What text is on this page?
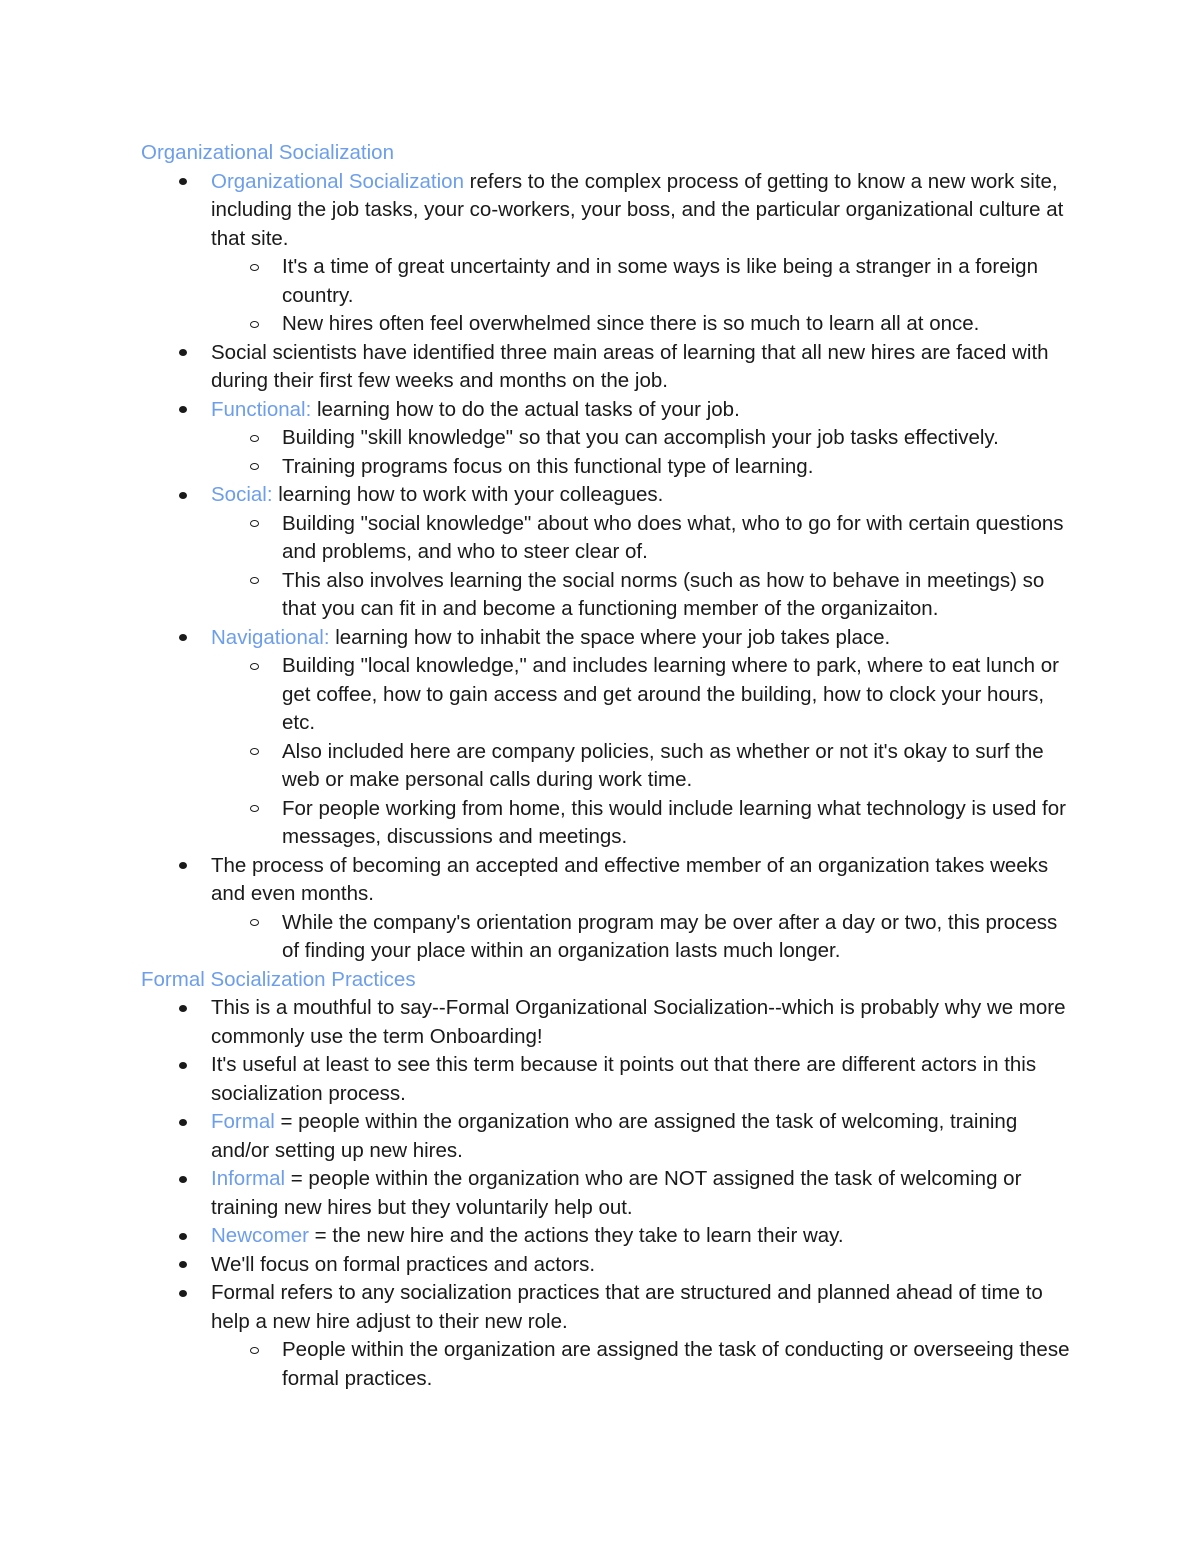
Organizational Socialization
Organizational Socialization refers to the complex process of getting to know a new work site, including the job tasks, your co-workers, your boss, and the particular organizational culture at that site.
It's a time of great uncertainty and in some ways is like being a stranger in a foreign country.
New hires often feel overwhelmed since there is so much to learn all at once.
Social scientists have identified three main areas of learning that all new hires are faced with during their first few weeks and months on the job.
Functional: learning how to do the actual tasks of your job.
Building "skill knowledge" so that you can accomplish your job tasks effectively.
Training programs focus on this functional type of learning.
Social: learning how to work with your colleagues.
Building "social knowledge" about who does what, who to go for with certain questions and problems, and who to steer clear of.
This also involves learning the social norms (such as how to behave in meetings) so that you can fit in and become a functioning member of the organizaiton.
Navigational: learning how to inhabit the space where your job takes place.
Building "local knowledge," and includes learning where to park, where to eat lunch or get coffee, how to gain access and get around the building, how to clock your hours, etc.
Also included here are company policies, such as whether or not it's okay to surf the web or make personal calls during work time.
For people working from home, this would include learning what technology is used for messages, discussions and meetings.
The process of becoming an accepted and effective member of an organization takes weeks and even months.
While the company's orientation program may be over after a day or two, this process of finding your place within an organization lasts much longer.
Formal Socialization Practices
This is a mouthful to say--Formal Organizational Socialization--which is probably why we more commonly use the term Onboarding!
It's useful at least to see this term because it points out that there are different actors in this socialization process.
Formal = people within the organization who are assigned the task of welcoming, training and/or setting up new hires.
Informal = people within the organization who are NOT assigned the task of welcoming or training new hires but they voluntarily help out.
Newcomer = the new hire and the actions they take to learn their way.
We'll focus on formal practices and actors.
Formal refers to any socialization practices that are structured and planned ahead of time to help a new hire adjust to their new role.
People within the organization are assigned the task of conducting or overseeing these formal practices.
